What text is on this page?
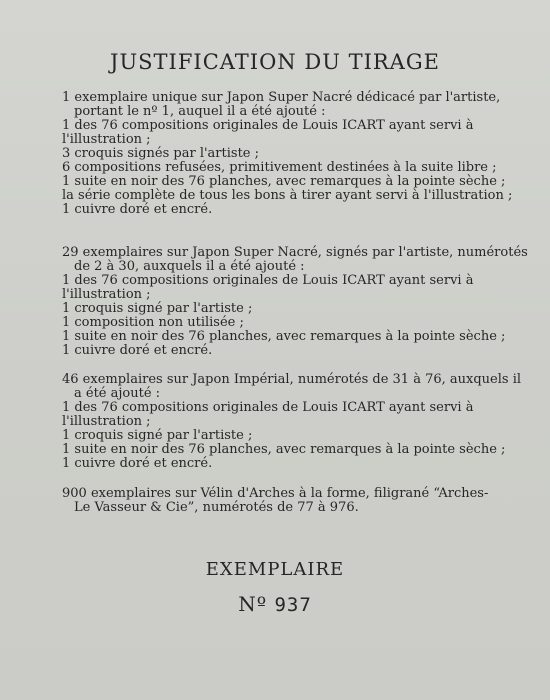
JUSTIFICATION DU TIRAGE
1 exemplaire unique sur Japon Super Nacré dédicacé par l'artiste,
portant le nº 1, auquel il a été ajouté :
1 des 76 compositions originales de Louis ICART ayant servi à
l'illustration ;
3 croquis signés par l'artiste ;
6 compositions refusées, primitivement destinées à la suite libre ;
1 suite en noir des 76 planches, avec remarques à la pointe sèche ;
la série complète de tous les bons à tirer ayant servi à l'illustration ;
1 cuivre doré et encré.
29 exemplaires sur Japon Super Nacré, signés par l'artiste, numérotés
de 2 à 30, auxquels il a été ajouté :
1 des 76 compositions originales de Louis ICART ayant servi à
l'illustration ;
1 croquis signé par l'artiste ;
1 composition non utilisée ;
1 suite en noir des 76 planches, avec remarques à la pointe sèche ;
1 cuivre doré et encré.
46 exemplaires sur Japon Impérial, numérotés de 31 à 76, auxquels il
a été ajouté :
1 des 76 compositions originales de Louis ICART ayant servi à
l'illustration ;
1 croquis signé par l'artiste ;
1 suite en noir des 76 planches, avec remarques à la pointe sèche ;
1 cuivre doré et encré.
900 exemplaires sur Vélin d'Arches à la forme, filigrané “Arches-
Le Vasseur & Cie”, numérotés de 77 à 976.
EXEMPLAIRE
Nº 937
